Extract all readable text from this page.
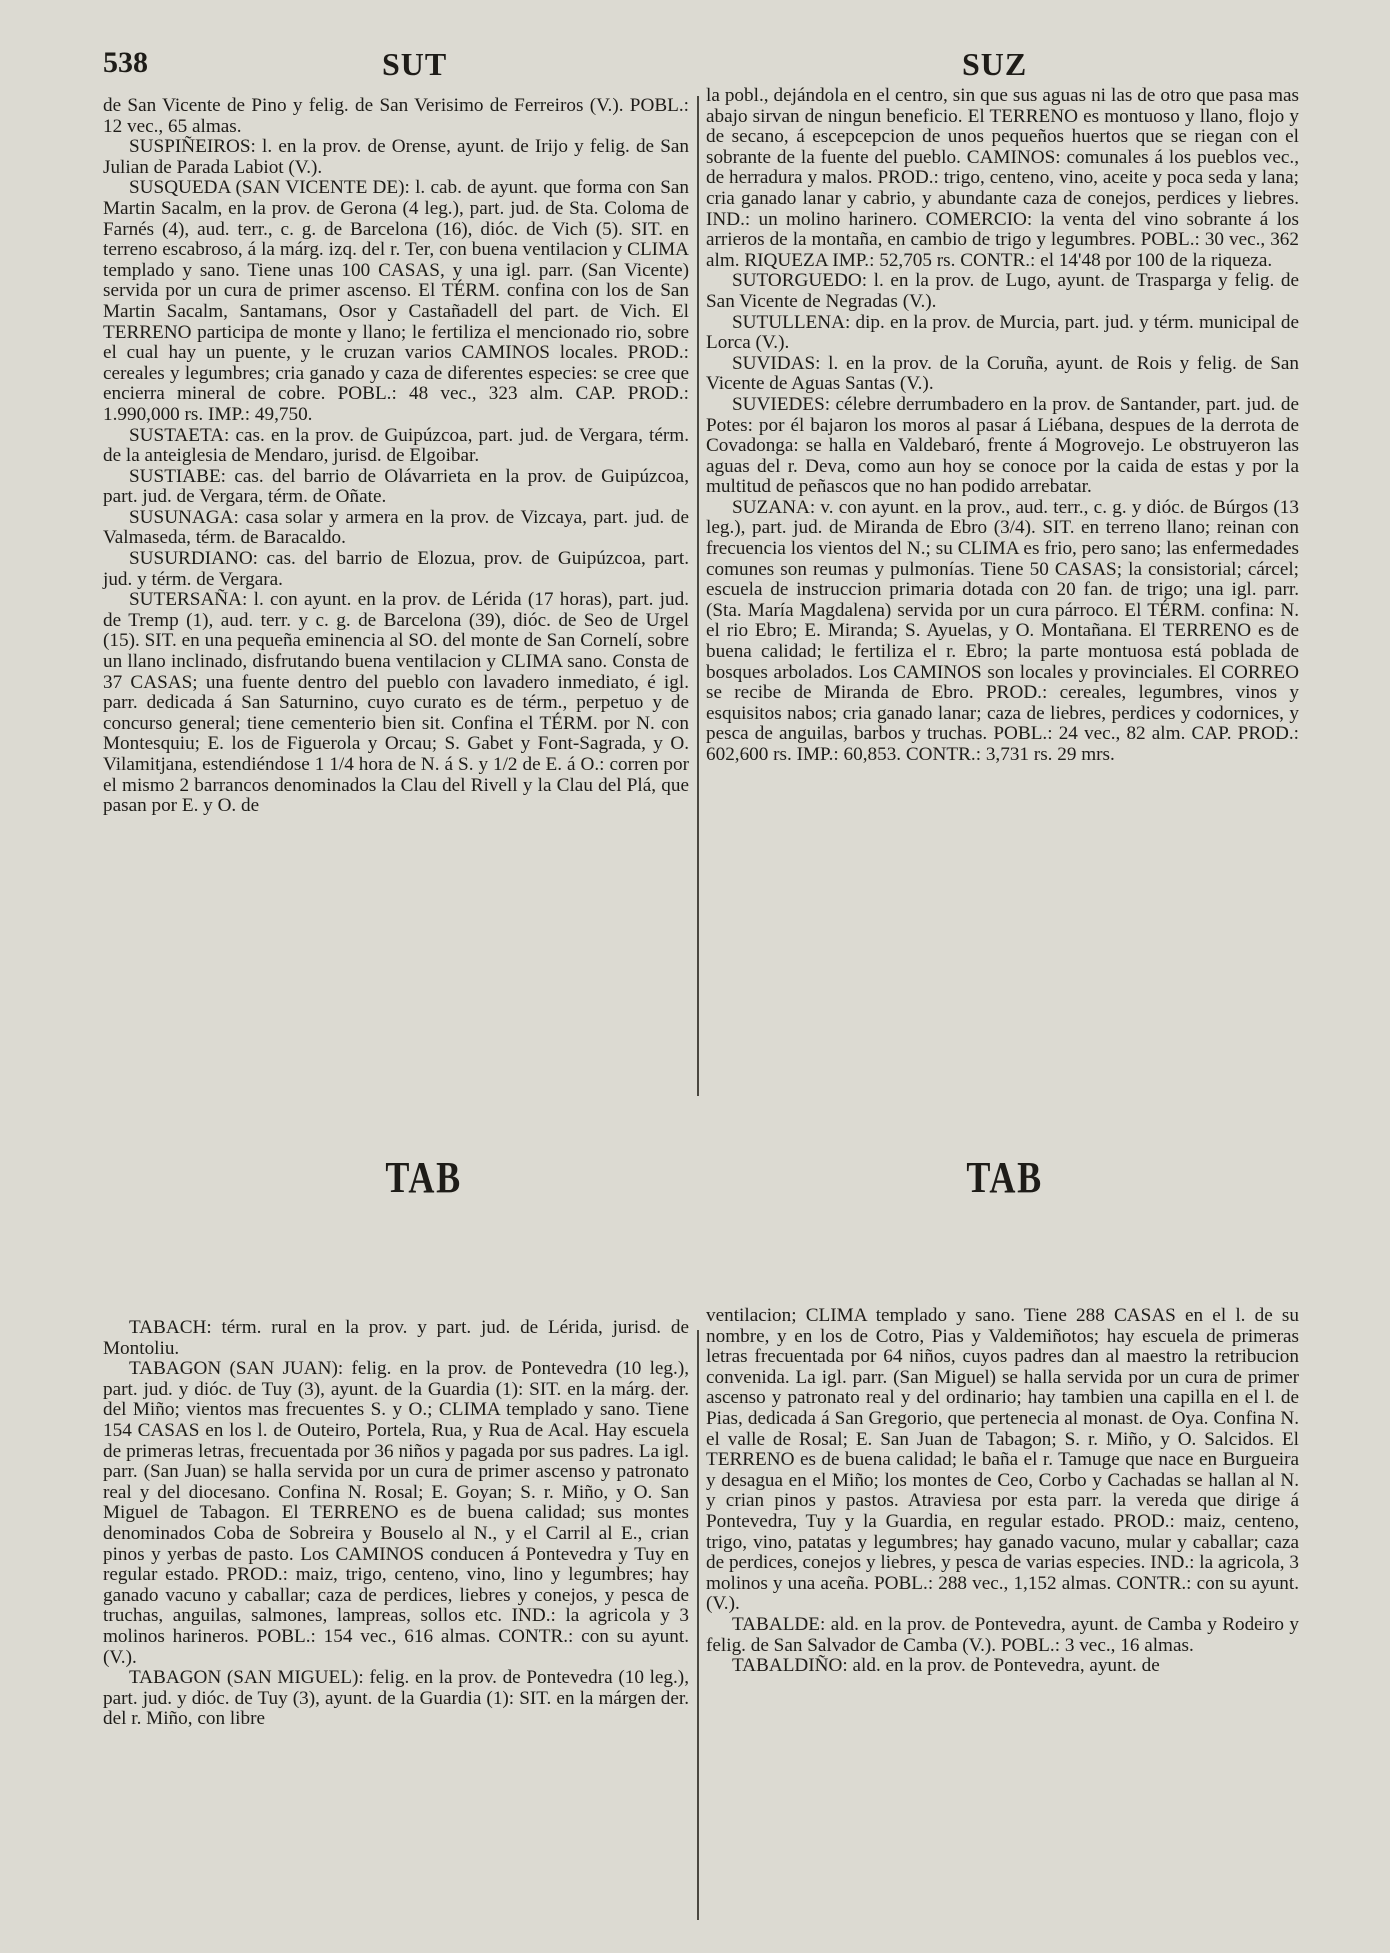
538	SUT	SUZ

de San Vicente de Pino y felig. de San Verisimo de Ferreiros (V.). POBL.: 12 vec., 65 almas.

SUSPIÑEIROS: l. en la prov. de Orense, ayunt. de Irijo y felig. de San Julian de Parada Labiot (V.).

SUSQUEDA (SAN VICENTE DE): l. cab. de ayunt. que forma con San Martin Sacalm, en la prov. de Gerona (4 leg.), part. jud. de Sta. Coloma de Farnés (4), aud. terr., c. g. de Barcelona (16), dióc. de Vich (5). SIT. en terreno escabroso, á la márg. izq. del r. Ter, con buena ventilacion y CLIMA templado y sano. Tiene unas 100 CASAS, y una igl. parr. (San Vicente) servida por un cura de primer ascenso. El TÉRM. confina con los de San Martin Sacalm, Santamans, Osor y Castañadell del part. de Vich. El TERRENO participa de monte y llano; le fertiliza el mencionado rio, sobre el cual hay un puente, y le cruzan varios CAMINOS locales. PROD.: cereales y legumbres; cria ganado y caza de diferentes especies: se cree que encierra mineral de cobre. POBL.: 48 vec., 323 alm. CAP. PROD.: 1.990,000 rs. IMP.: 49,750.

SUSTAETA: cas. en la prov. de Guipúzcoa, part. jud. de Vergara, térm. de la anteiglesia de Mendaro, jurisd. de Elgoibar.

SUSTIABE: cas. del barrio de Olávarrieta en la prov. de Guipúzcoa, part. jud. de Vergara, térm. de Oñate.

SUSUNAGA: casa solar y armera en la prov. de Vizcaya, part. jud. de Valmaseda, térm. de Baracaldo.

SUSURDIANO: cas. del barrio de Elozua, prov. de Guipúzcoa, part. jud. y térm. de Vergara.

SUTERSAÑA: l. con ayunt. en la prov. de Lérida (17 horas), part. jud. de Tremp (1), aud. terr. y c. g. de Barcelona (39), dióc. de Seo de Urgel (15). SIT. en una pequeña eminencia al SO. del monte de San Cornelí, sobre un llano inclinado, disfrutando buena ventilacion y CLIMA sano. Consta de 37 CASAS; una fuente dentro del pueblo con lavadero inmediato, é igl. parr. dedicada á San Saturnino, cuyo curato es de térm., perpetuo y de concurso general; tiene cementerio bien sit. Confina el TÉRM. por N. con Montesquiu; E. los de Figuerola y Orcau; S. Gabet y Font-Sagrada, y O. Vilamitjana, estendiéndose 1 1/4 hora de N. á S. y 1/2 de E. á O.: corren por el mismo 2 barrancos denominados la Clau del Rivell y la Clau del Plá, que pasan por E. y O. de

la pobl., dejándola en el centro, sin que sus aguas ni las de otro que pasa mas abajo sirvan de ningun beneficio. El TERRENO es montuoso y llano, flojo y de secano, á escepcepcion de unos pequeños huertos que se riegan con el sobrante de la fuente del pueblo. CAMINOS: comunales á los pueblos vec., de herradura y malos. PROD.: trigo, centeno, vino, aceite y poca seda y lana; cria ganado lanar y cabrio, y abundante caza de conejos, perdices y liebres. IND.: un molino harinero. COMERCIO: la venta del vino sobrante á los arrieros de la montaña, en cambio de trigo y legumbres. POBL.: 30 vec., 362 alm. RIQUEZA IMP.: 52,705 rs. CONTR.: el 14'48 por 100 de la riqueza.

SUTORGUEDO: l. en la prov. de Lugo, ayunt. de Trasparga y felig. de San Vicente de Negradas (V.).

SUTULLENA: dip. en la prov. de Murcia, part. jud. y térm. municipal de Lorca (V.).

SUVIDAS: l. en la prov. de la Coruña, ayunt. de Rois y felig. de San Vicente de Aguas Santas (V.).

SUVIEDES: célebre derrumbadero en la prov. de Santander, part. jud. de Potes: por él bajaron los moros al pasar á Liébana, despues de la derrota de Covadonga: se halla en Valdebaró, frente á Mogrovejo. Le obstruyeron las aguas del r. Deva, como aun hoy se conoce por la caida de estas y por la multitud de peñascos que no han podido arrebatar.

SUZANA: v. con ayunt. en la prov., aud. terr., c. g. y dióc. de Búrgos (13 leg.), part. jud. de Miranda de Ebro (3/4). SIT. en terreno llano; reinan con frecuencia los vientos del N.; su CLIMA es frio, pero sano; las enfermedades comunes son reumas y pulmonías. Tiene 50 CASAS; la consistorial; cárcel; escuela de instruccion primaria dotada con 20 fan. de trigo; una igl. parr. (Sta. María Magdalena) servida por un cura párroco. El TÉRM. confina: N. el rio Ebro; E. Miranda; S. Ayuelas, y O. Montañana. El TERRENO es de buena calidad; le fertiliza el r. Ebro; la parte montuosa está poblada de bosques arbolados. Los CAMINOS son locales y provinciales. El CORREO se recibe de Miranda de Ebro. PROD.: cereales, legumbres, vinos y esquisitos nabos; cria ganado lanar; caza de liebres, perdices y codornices, y pesca de anguilas, barbos y truchas. POBL.: 24 vec., 82 alm. CAP. PROD.: 602,600 rs. IMP.: 60,853. CONTR.: 3,731 rs. 29 mrs.

TAB	TAB

TABACH: térm. rural en la prov. y part. jud. de Lérida, jurisd. de Montoliu.

TABAGON (SAN JUAN): felig. en la prov. de Pontevedra (10 leg.), part. jud. y dióc. de Tuy (3), ayunt. de la Guardia (1): SIT. en la márg. der. del Miño; vientos mas frecuentes S. y O.; CLIMA templado y sano. Tiene 154 CASAS en los l. de Outeiro, Portela, Rua, y Rua de Acal. Hay escuela de primeras letras, frecuentada por 36 niños y pagada por sus padres. La igl. parr. (San Juan) se halla servida por un cura de primer ascenso y patronato real y del diocesano. Confina N. Rosal; E. Goyan; S. r. Miño, y O. San Miguel de Tabagon. El TERRENO es de buena calidad; sus montes denominados Coba de Sobreira y Bouselo al N., y el Carril al E., crian pinos y yerbas de pasto. Los CAMINOS conducen á Pontevedra y Tuy en regular estado. PROD.: maiz, trigo, centeno, vino, lino y legumbres; hay ganado vacuno y caballar; caza de perdices, liebres y conejos, y pesca de truchas, anguilas, salmones, lampreas, sollos etc. IND.: la agricola y 3 molinos harineros. POBL.: 154 vec., 616 almas. CONTR.: con su ayunt. (V.).

TABAGON (SAN MIGUEL): felig. en la prov. de Pontevedra (10 leg.), part. jud. y dióc. de Tuy (3), ayunt. de la Guardia (1): SIT. en la márgen der. del r. Miño, con libre

ventilacion; CLIMA templado y sano. Tiene 288 CASAS en el l. de su nombre, y en los de Cotro, Pias y Valdemiñotos; hay escuela de primeras letras frecuentada por 64 niños, cuyos padres dan al maestro la retribucion convenida. La igl. parr. (San Miguel) se halla servida por un cura de primer ascenso y patronato real y del ordinario; hay tambien una capilla en el l. de Pias, dedicada á San Gregorio, que pertenecia al monast. de Oya. Confina N. el valle de Rosal; E. San Juan de Tabagon; S. r. Miño, y O. Salcidos. El TERRENO es de buena calidad; le baña el r. Tamuge que nace en Burgueira y desagua en el Miño; los montes de Ceo, Corbo y Cachadas se hallan al N. y crian pinos y pastos. Atraviesa por esta parr. la vereda que dirige á Pontevedra, Tuy y la Guardia, en regular estado. PROD.: maiz, centeno, trigo, vino, patatas y legumbres; hay ganado vacuno, mular y caballar; caza de perdices, conejos y liebres, y pesca de varias especies. IND.: la agricola, 3 molinos y una aceña. POBL.: 288 vec., 1,152 almas. CONTR.: con su ayunt. (V.).

TABALDE: ald. en la prov. de Pontevedra, ayunt. de Camba y Rodeiro y felig. de San Salvador de Camba (V.). POBL.: 3 vec., 16 almas.

TABALDIÑO: ald. en la prov. de Pontevedra, ayunt. de
